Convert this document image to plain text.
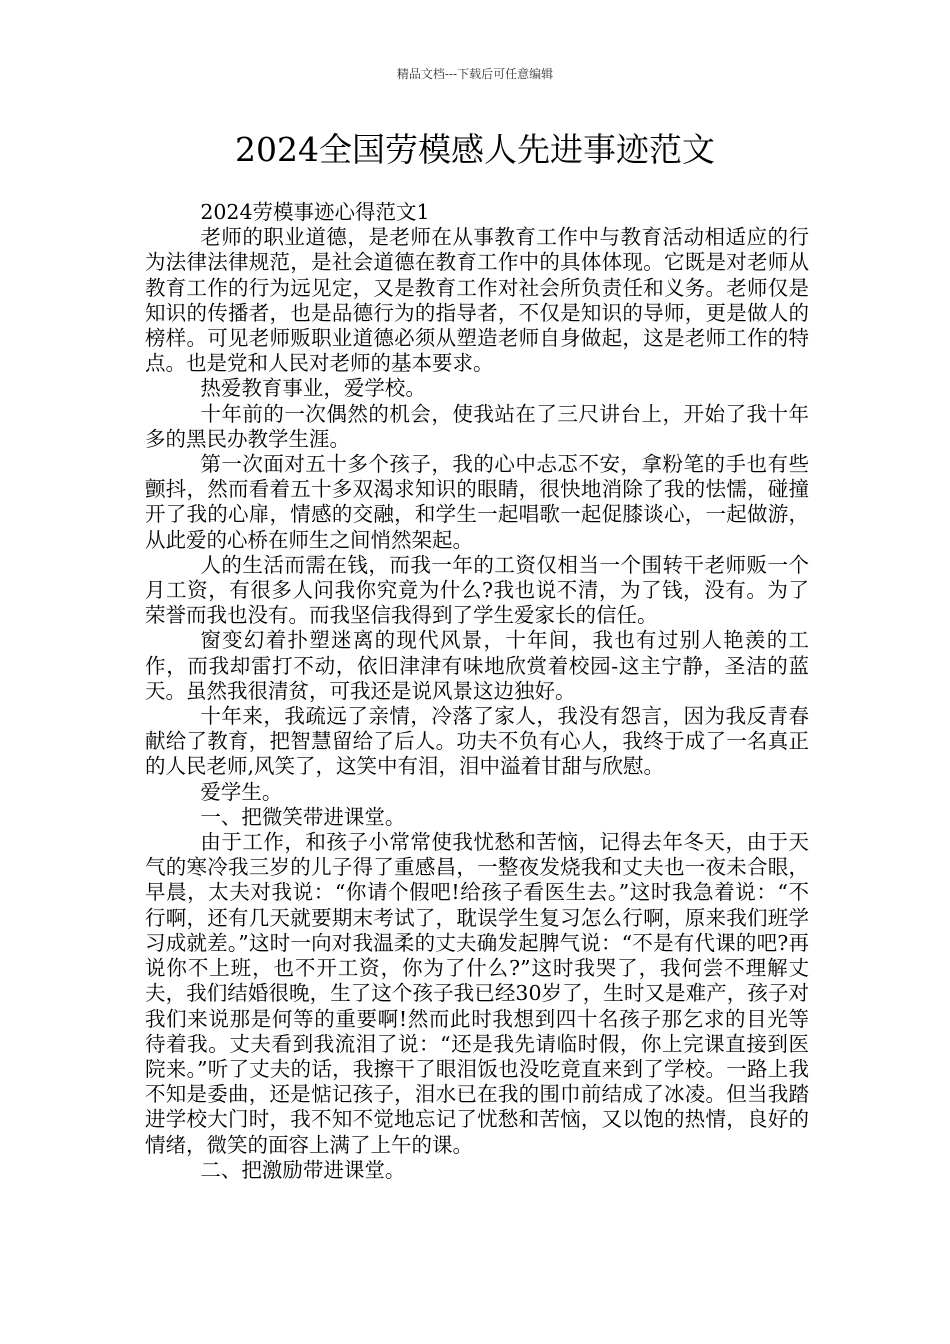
精品文档---下载后可任意编辑
2024全国劳模感人先进事迹范文

2024劳模事迹心得范文1

老师的职业道德，是老师在从事教育工作中与教育活动相适应的行为法律法律规范，是社会道德在教育工作中的具体体现。它既是对老师从教育工作的行为远见定，又是教育工作对社会所负责任和义务。老师仅是知识的传播者，也是品德行为的指导者，不仅是知识的导师，更是做人的榜样。可见老师贩职业道德必须从塑造老师自身做起，这是老师工作的特点。也是党和人民对老师的基本要求。

热爱教育事业，爱学校。

十年前的一次偶然的机会，使我站在了三尺讲台上，开始了我十年多的黑民办教学生涯。

第一次面对五十多个孩子，我的心中忐忑不安，拿粉笔的手也有些颤抖，然而看着五十多双渴求知识的眼睛，很快地消除了我的怯懦，碰撞开了我的心扉，情感的交融，和学生一起唱歌一起促膝谈心，一起做游，从此爱的心桥在师生之间悄然架起。

人的生活而需在钱，而我一年的工资仅相当一个围转干老师贩一个月工资，有很多人问我你究竟为什么?我也说不清，为了钱，没有。为了荣誉而我也没有。而我坚信我得到了学生爱家长的信任。

窗变幻着扑塑迷离的现代风景，十年间，我也有过别人艳羡的工作，而我却雷打不动，依旧津津有味地欣赏着校园-这主宁静，圣洁的蓝天。虽然我很清贫，可我还是说风景这边独好。

十年来，我疏远了亲情，冷落了家人，我没有怨言，因为我反青春献给了教育，把智慧留给了后人。功夫不负有心人，我终于成了一名真正的人民老师,风笑了，这笑中有泪，泪中溢着甘甜与欣慰。

爱学生。

一、把微笑带进课堂。

由于工作，和孩子小常常使我忧愁和苦恼，记得去年冬天，由于天气的寒冷我三岁的儿子得了重感昌，一整夜发烧我和丈夫也一夜未合眼，早晨，太夫对我说：“你请个假吧!给孩子看医生去。”这时我急着说：“不行啊，还有几天就要期末考试了，耽误学生复习怎么行啊，原来我们班学习成就差。”这时一向对我温柔的丈夫确发起脾气说：“不是有代课的吧?再说你不上班，也不开工资，你为了什么?”这时我哭了，我何尝不理解丈夫，我们结婚很晚，生了这个孩子我已经30岁了，生时又是难产，孩子对我们来说那是何等的重要啊!然而此时我想到四十名孩子那乞求的目光等待着我。丈夫看到我流泪了说：“还是我先请临时假，你上完课直接到医院来。”听了丈夫的话，我擦干了眼泪饭也没吃竟直来到了学校。一路上我不知是委曲，还是惦记孩子，泪水已在我的围巾前结成了冰凌。但当我踏进学校大门时，我不知不觉地忘记了忧愁和苦恼，又以饱的热情，良好的情绪，微笑的面容上满了上午的课。

二、把激励带进课堂。
